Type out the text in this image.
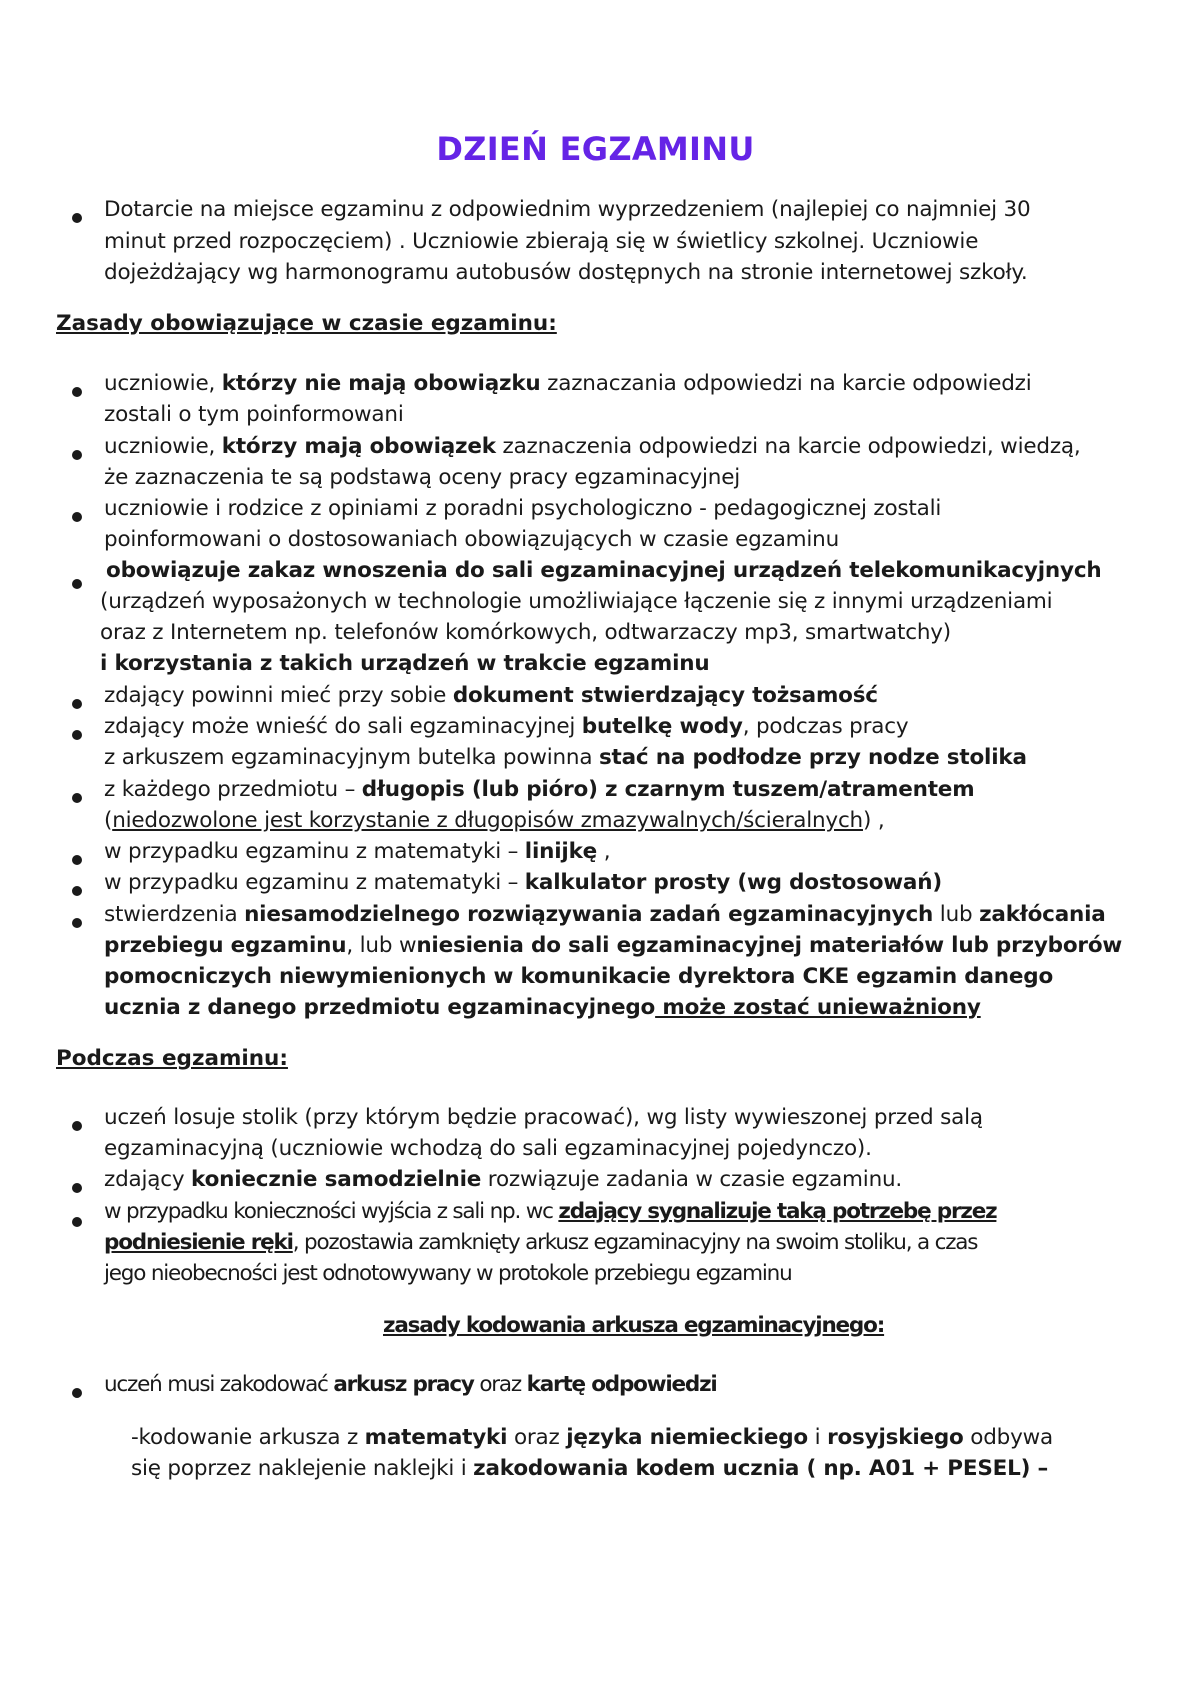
DZIEŃ EGZAMINU
Dotarcie na miejsce egzaminu z odpowiednim wyprzedzeniem (najlepiej co najmniej 30
minut przed rozpoczęciem) . Uczniowie zbierają się w świetlicy szkolnej. Uczniowie
dojeżdżający wg harmonogramu autobusów dostępnych na stronie internetowej szkoły.
Zasady obowiązujące w czasie egzaminu:
uczniowie, którzy nie mają obowiązku zaznaczania odpowiedzi na karcie odpowiedzi
zostali o tym poinformowani
uczniowie, którzy mają obowiązek zaznaczenia odpowiedzi na karcie odpowiedzi, wiedzą,
że zaznaczenia te są podstawą oceny pracy egzaminacyjnej
uczniowie i rodzice z opiniami z poradni psychologiczno - pedagogicznej zostali
poinformowani o dostosowaniach obowiązujących w czasie egzaminu
obowiązuje zakaz wnoszenia do sali egzaminacyjnej urządzeń telekomunikacyjnych
(urządzeń wyposażonych w technologie umożliwiające łączenie się z innymi urządzeniami
oraz z Internetem np. telefonów komórkowych, odtwarzaczy mp3, smartwatchy)
i korzystania z takich urządzeń w trakcie egzaminu
zdający powinni mieć przy sobie dokument stwierdzający tożsamość
zdający może wnieść do sali egzaminacyjnej butelkę wody, podczas pracy
z arkuszem egzaminacyjnym butelka powinna stać na podłodze przy nodze stolika
z każdego przedmiotu – długopis (lub pióro) z czarnym tuszem/atramentem
(niedozwolone jest korzystanie z długopisów zmazywalnych/ścieralnych) ,
w przypadku egzaminu z matematyki – linijkę ,
w przypadku egzaminu z matematyki – kalkulator prosty (wg dostosowań)
stwierdzenia niesamodzielnego rozwiązywania zadań egzaminacyjnych lub zakłócania
przebiegu egzaminu, lub wniesienia do sali egzaminacyjnej materiałów lub przyborów
pomocniczych niewymienionych w komunikacie dyrektora CKE egzamin danego
ucznia z danego przedmiotu egzaminacyjnego może zostać unieważniony
Podczas egzaminu:
uczeń losuje stolik (przy którym będzie pracować), wg listy wywieszonej przed salą
egzaminacyjną (uczniowie wchodzą do sali egzaminacyjnej pojedynczo).
zdający koniecznie samodzielnie rozwiązuje zadania w czasie egzaminu.
w przypadku konieczności wyjścia z sali np. wc zdający sygnalizuje taką potrzebę przez
podniesienie ręki, pozostawia zamknięty arkusz egzaminacyjny na swoim stoliku, a czas
jego nieobecności jest odnotowywany w protokole przebiegu egzaminu
zasady kodowania arkusza egzaminacyjnego:
uczeń musi zakodować arkusz pracy oraz kartę odpowiedzi
-kodowanie arkusza z matematyki oraz języka niemieckiego i rosyjskiego odbywa
się poprzez naklejenie naklejki i zakodowania kodem ucznia ( np. A01 + PESEL) –
